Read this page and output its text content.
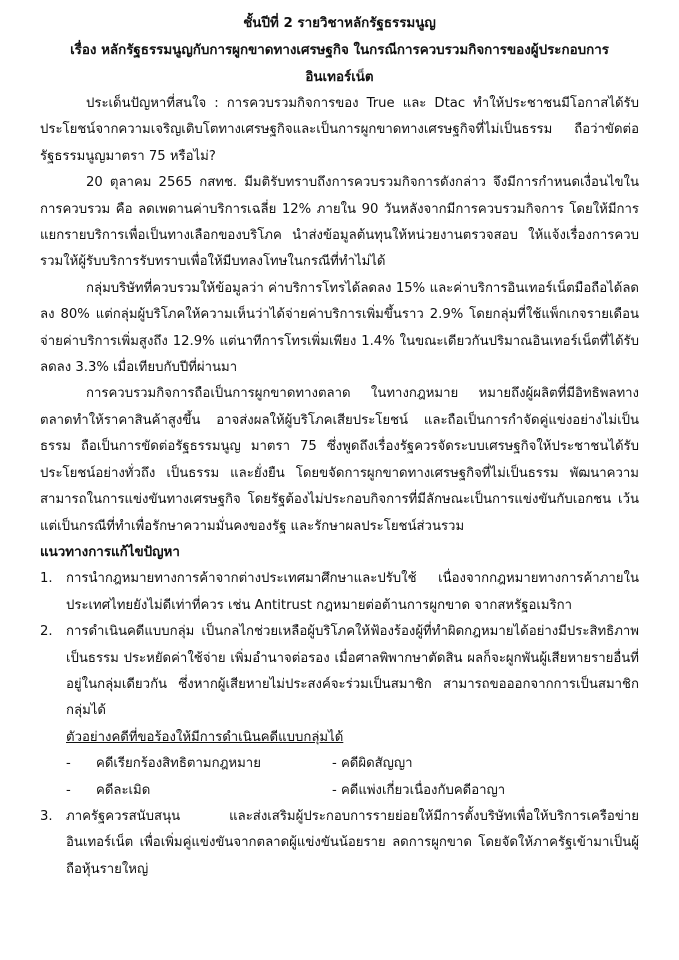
ชั้นปีที่ 2 รายวิชาหลักรัฐธรรมนูญ

เรื่อง หลักรัฐธรรมนูญกับการผูกขาดทางเศรษฐกิจ ในกรณีการควบรวมกิจการของผู้ประกอบการ

อินเทอร์เน็ต

ประเด็นปัญหาที่สนใจ : การควบรวมกิจการของ True และ Dtac ทำให้ประชาชนมีโอกาสได้รับประโยชน์จากความเจริญเติบโตทางเศรษฐกิจและเป็นการผูกขาดทางเศรษฐกิจที่ไม่เป็นธรรม ถือว่าขัดต่อรัฐธรรมนูญมาตรา 75 หรือไม่?

20 ตุลาคม 2565 กสทช. มีมติรับทราบถึงการควบรวมกิจการดังกล่าว จึงมีการกำหนดเงื่อนไขในการควบรวม คือ ลดเพดานค่าบริการเฉลี่ย 12% ภายใน 90 วันหลังจากมีการควบรวมกิจการ โดยให้มีการแยกรายบริการเพื่อเป็นทางเลือกของบริโภค นำส่งข้อมูลต้นทุนให้หน่วยงานตรวจสอบ ให้แจ้งเรื่องการควบรวมให้ผู้รับบริการรับทราบเพื่อให้มีบทลงโทษในกรณีที่ทำไม่ได้

กลุ่มบริษัทที่ควบรวมให้ข้อมูลว่า ค่าบริการโทรได้ลดลง 15% และค่าบริการอินเทอร์เน็ตมือถือได้ลดลง 80% แต่กลุ่มผู้บริโภคให้ความเห็นว่าได้จ่ายค่าบริการเพิ่มขึ้นราว 2.9% โดยกลุ่มที่ใช้แพ็กเกจรายเดือนจ่ายค่าบริการเพิ่มสูงถึง 12.9% แต่นาทีการโทรเพิ่มเพียง 1.4% ในขณะเดียวกันปริมาณอินเทอร์เน็ตที่ได้รับลดลง 3.3% เมื่อเทียบกับปีที่ผ่านมา

การควบรวมกิจการถือเป็นการผูกขาดทางตลาด ในทางกฎหมาย หมายถึงผู้ผลิตที่มีอิทธิพลทางตลาดทำให้ราคาสินค้าสูงขึ้น อาจส่งผลให้ผู้บริโภคเสียประโยชน์ และถือเป็นการกำจัดคู่แข่งอย่างไม่เป็นธรรม ถือเป็นการขัดต่อรัฐธรรมนูญ มาตรา 75 ซึ่งพูดถึงเรื่องรัฐควรจัดระบบเศรษฐกิจให้ประชาชนได้รับประโยชน์อย่างทั่วถึง เป็นธรรม และยั่งยืน โดยขจัดการผูกขาดทางเศรษฐกิจที่ไม่เป็นธรรม พัฒนาความสามารถในการแข่งขันทางเศรษฐกิจ โดยรัฐต้องไม่ประกอบกิจการที่มีลักษณะเป็นการแข่งขันกับเอกชน เว้นแต่เป็นกรณีที่ทำเพื่อรักษาความมั่นคงของรัฐ และรักษาผลประโยชน์ส่วนรวม

แนวทางการแก้ไขปัญหา

1. การนำกฎหมายทางการค้าจากต่างประเทศมาศึกษาและปรับใช้ เนื่องจากกฎหมายทางการค้าภายในประเทศไทยยังไม่ดีเท่าที่ควร เช่น Antitrust กฎหมายต่อต้านการผูกขาด จากสหรัฐอเมริกา
2. การดำเนินคดีแบบกลุ่ม เป็นกลไกช่วยเหลือผู้บริโภคให้ฟ้องร้องผู้ที่ทำผิดกฎหมายได้อย่างมีประสิทธิภาพเป็นธรรม ประหยัดค่าใช้จ่าย เพิ่มอำนาจต่อรอง เมื่อศาลพิพากษาตัดสิน ผลก็จะผูกพันผู้เสียหายรายอื่นที่อยู่ในกลุ่มเดียวกัน ซึ่งหากผู้เสียหายไม่ประสงค์จะร่วมเป็นสมาชิก สามารถขอออกจากการเป็นสมาชิกกลุ่มได้

ตัวอย่างคดีที่ขอร้องให้มีการดำเนินคดีแบบกลุ่มได้

- คดีเรียกร้องสิทธิตามกฎหมาย	- คดีผิดสัญญา
- คดีละเมิด	- คดีแพ่งเกี่ยวเนื่องกับคดีอาญา
3. ภาครัฐควรสนับสนุน และส่งเสริมผู้ประกอบการรายย่อยให้มีการตั้งบริษัทเพื่อให้บริการเครือข่ายอินเทอร์เน็ต เพื่อเพิ่มคู่แข่งขันจากตลาดผู้แข่งขันน้อยราย ลดการผูกขาด โดยจัดให้ภาครัฐเข้ามาเป็นผู้ถือหุ้นรายใหญ่
